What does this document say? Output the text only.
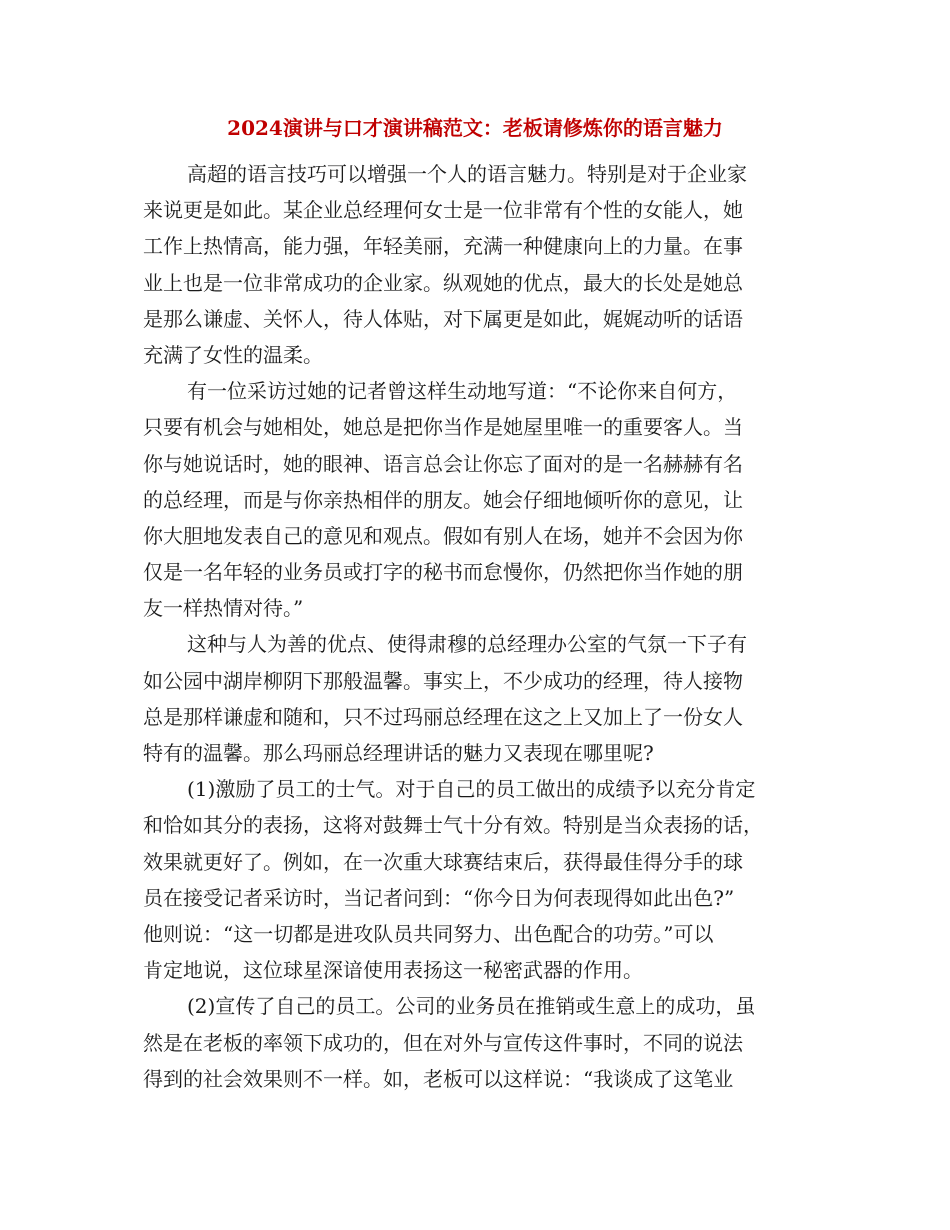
2024演讲与口才演讲稿范文：老板请修炼你的语言魅力
高超的语言技巧可以增强一个人的语言魅力。特别是对于企业家
来说更是如此。某企业总经理何女士是一位非常有个性的女能人，她
工作上热情高，能力强，年轻美丽，充满一种健康向上的力量。在事
业上也是一位非常成功的企业家。纵观她的优点，最大的长处是她总
是那么谦虚、关怀人，待人体贴，对下属更是如此，娓娓动听的话语
充满了女性的温柔。
有一位采访过她的记者曾这样生动地写道：“不论你来自何方，
只要有机会与她相处，她总是把你当作是她屋里唯一的重要客人。当
你与她说话时，她的眼神、语言总会让你忘了面对的是一名赫赫有名
的总经理，而是与你亲热相伴的朋友。她会仔细地倾听你的意见，让
你大胆地发表自己的意见和观点。假如有别人在场，她并不会因为你
仅是一名年轻的业务员或打字的秘书而怠慢你，仍然把你当作她的朋
友一样热情对待。”
这种与人为善的优点、使得肃穆的总经理办公室的气氛一下子有
如公园中湖岸柳阴下那般温馨。事实上，不少成功的经理，待人接物
总是那样谦虚和随和，只不过玛丽总经理在这之上又加上了一份女人
特有的温馨。那么玛丽总经理讲话的魅力又表现在哪里呢?
(1)激励了员工的士气。对于自己的员工做出的成绩予以充分肯定
和恰如其分的表扬，这将对鼓舞士气十分有效。特别是当众表扬的话，
效果就更好了。例如，在一次重大球赛结束后，获得最佳得分手的球
员在接受记者采访时，当记者问到：“你今日为何表现得如此出色?”
他则说：“这一切都是进攻队员共同努力、出色配合的功劳。”可以
肯定地说，这位球星深谙使用表扬这一秘密武器的作用。
(2)宣传了自己的员工。公司的业务员在推销或生意上的成功，虽
然是在老板的率领下成功的，但在对外与宣传这件事时，不同的说法
得到的社会效果则不一样。如，老板可以这样说：“我谈成了这笔业
